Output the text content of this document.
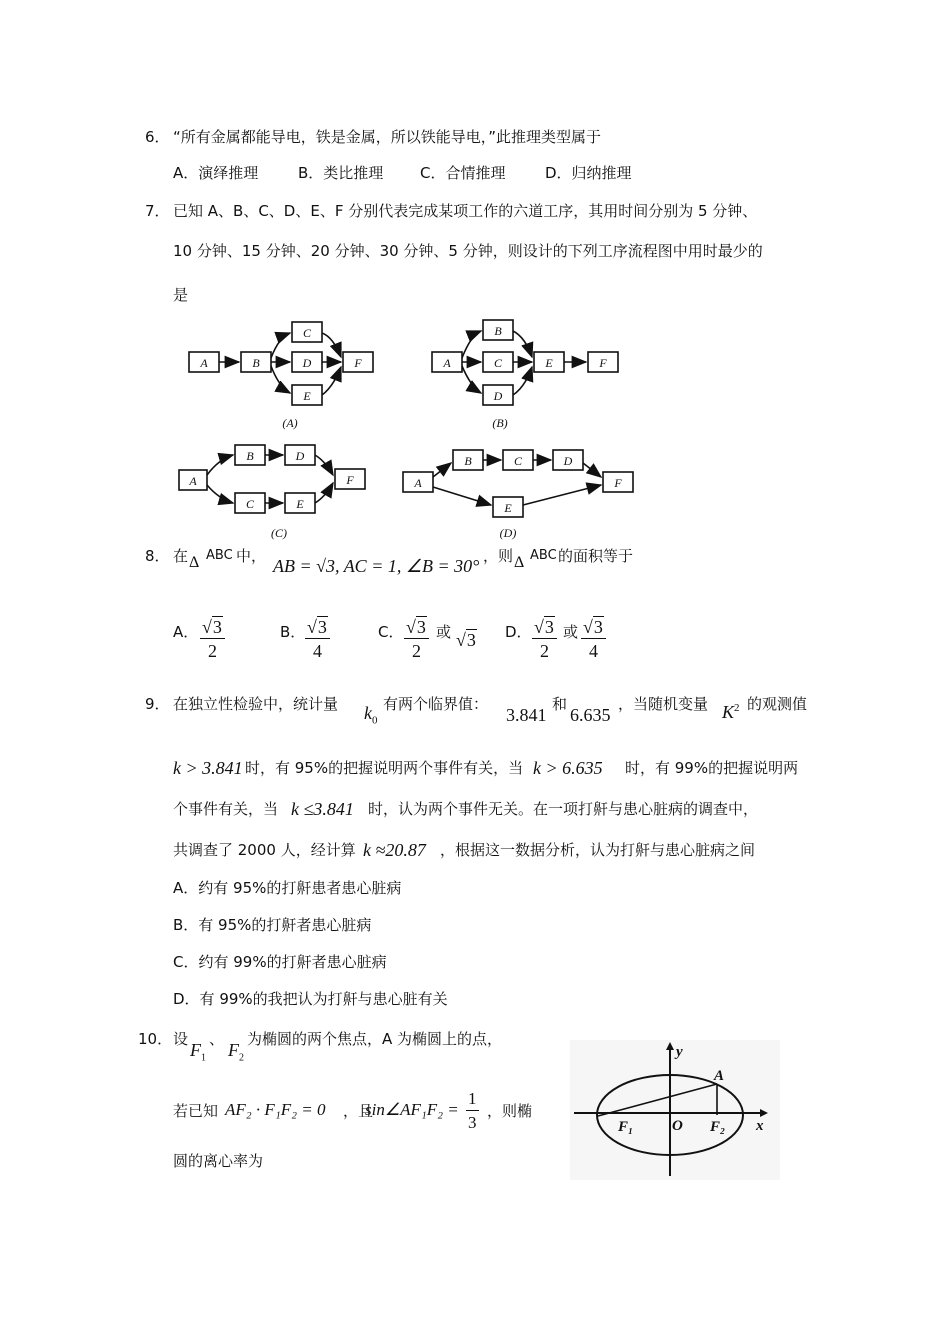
6． “所有金属都能导电，铁是金属，所以铁能导电，”此推理类型属于
A．演绎推理	B．类比推理 C．合情推理	D．归纳推理
7． 已知 A、B、C、D、E、F 分别代表完成某项工作的六道工序，其用时间分别为 5 分钟、
10 分钟、15 分钟、20 分钟、30 分钟、5 分钟，则设计的下列工序流程图中用时最少的
是
A	B
C
D
E
F
(A)
A
B
C
D
E	F
(B)
A
B	D
C	E
F
(C)
A
B	C	D
E
F
(D)
8． 在 Δ ABC 中， AB = √3, AC = 1, ∠B = 30° ，则 Δ ABC 的面积等于
A． $\frac{√3}{2}$	B． $\frac{√3}{4}$	C． $\frac{√3}{2}$ 或 √3 D． $\frac{√3}{2}$ 或 $\frac{√3}{4}$
9． 在独立性检验中，统计量 $k_0$
有两个临界值：
3.841
和
6.635
，当随机变量 $K^2$ 的观测值
k > 3.841 时，有 95%的把握说明两个事件有关，当 k > 6.635 时，有 99%的把握说明两
个事件有关，当 k ≤3.841 时，认为两个事件无关。在一项打鼾与患心脏病的调查中，
共调查了 2000 人，经计算 k ≈20.87 ，根据这一数据分析，认为打鼾与患心脏病之间
A．约有 95%的打鼾患者患心脏病
B．有 95%的打鼾者患心脏病
C．约有 99%的打鼾者患心脏病
D．有 99%的我把认为打鼾与患心脏有关
10． 设
$F_1$
、
$F_2$
为椭圆的两个焦点，A 为椭圆上的点，
若已知 AF₂ · F₁F₂ = 0 ，且
sin∠AF₁F₂ = $\frac{1}{3}$ ，则椭
圆的离心率为
y
x
A
O
F₁	F₂
